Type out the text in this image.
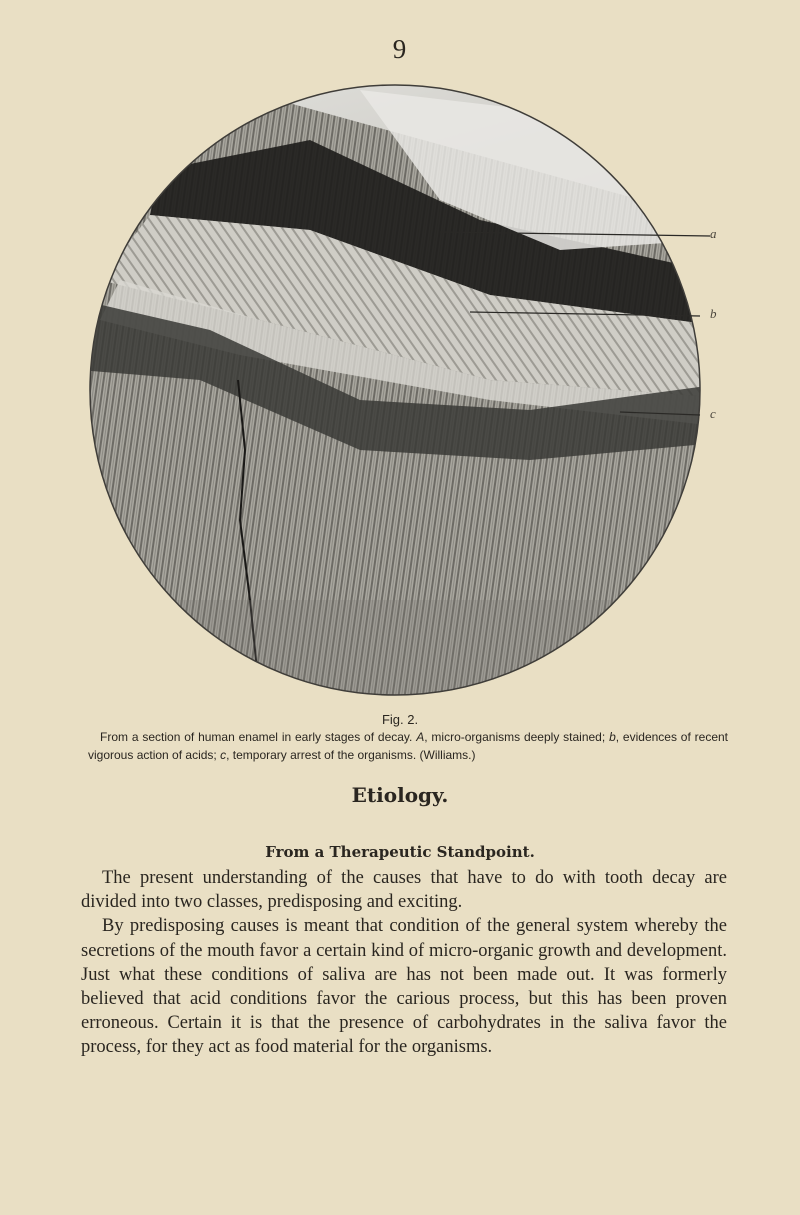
9
a
b
c
Fig. 2.
From a section of human enamel in early stages of decay. A, micro-organisms deeply stained; b, evidences of recent vigorous action of acids; c, temporary arrest of the organisms. (Williams.)
Etiology.
From a Therapeutic Standpoint.

The present understanding of the causes that have to do with tooth decay are divided into two classes, predisposing and exciting.

By predisposing causes is meant that condition of the general system whereby the secretions of the mouth favor a certain kind of micro-organic growth and development. Just what these conditions of saliva are has not been made out. It was formerly believed that acid conditions favor the carious process, but this has been proven erroneous. Certain it is that the presence of carbohydrates in the saliva favor the process, for they act as food material for the organisms.
